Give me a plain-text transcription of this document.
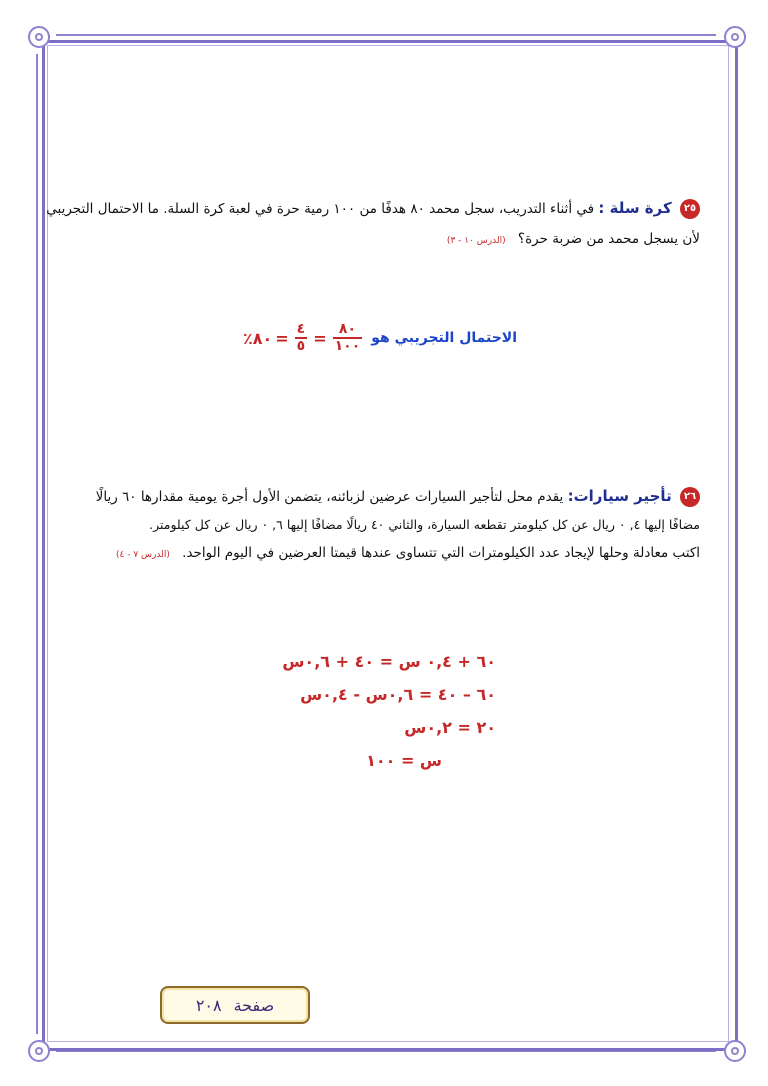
٢٥ كرة سلة : في أثناء التدريب، سجل محمد ٨٠ هدفًا من ١٠٠ رمية حرة في لعبة كرة السلة. ما الاحتمال التجريبي
لأن يسجل محمد من ضربة حرة؟ (الدرس ١٠ - ٣)
الاحتمال التجريبي هو
$\frac{٨٠}{١٠٠}$
=
$\frac{٤}{٥}$
=
٨٠٪
٢٦ تأجير سيارات: يقدم محل لتأجير السيارات عرضين لزبائنه، يتضمن الأول أجرة يومية مقدارها ٦٠ ريالًا
مضافًا إليها ٤, ٠ ريال عن كل كيلومتر تقطعه السيارة، والثاني ٤٠ ريالًا مضافًا إليها ٦, ٠ ريال عن كل كيلومتر.
اكتب معادلة وحلها لإيجاد عدد الكيلومترات التي تتساوى عندها قيمتا العرضين في اليوم الواحد. (الدرس ٧ - ٤)
٦٠ + ٠,٤ س = ٤٠ + ٠,٦س
٦٠ – ٤٠ = ٠,٦س - ٠,٤س
٢٠ = ٠,٢س
س = ١٠٠
صفحة
٢٠٨
